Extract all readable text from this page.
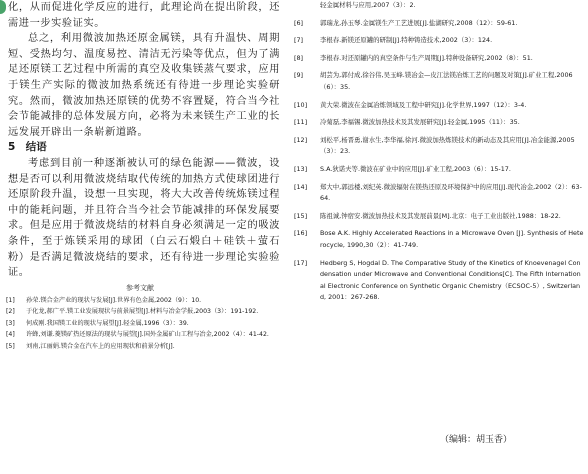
化，从而促进化学反应的进行，此理论尚在提出阶段，还需进一步实验证实。

总之，利用微波加热还原金属镁，具有升温快、周期短、受热均匀、温度易控、清洁无污染等优点，但为了满足还原镁工艺过程中所需的真空及收集镁蒸气要求，应用于镁生产实际的微波加热系统还有待进一步理论实验研究。然而，微波加热还原镁的优势不容置疑，符合当今社会节能减排的总体发展方向，必将为未来镁生产工业的长远发展开辟出一条崭新道路。

5　结语

考虑到目前一种逐渐被认可的绿色能源——微波，设想是否可以利用微波烧结取代传统的加热方式使球团进行还原阶段升温，设想一旦实现，将大大改善传统炼镁过程中的能耗问题，并且符合当今社会节能减排的环保发展要求。但是应用于微波烧结的材料自身必须满足一定的吸波条件，至于炼镁采用的球团（白云石煅白＋硅铁＋萤石粉）是否满足微波烧结的要求，还有待进一步理论实验验证。

参考文献
[1]	孙荣.镁合金产业的现状与发展[J].世界有色金属,2002（9）：10.
[2]	于化龙,郝广平.镁工业发展现状与前景展望[J].材料与冶金学报,2003（3）：191-192.
[3]	何成刚.我国镁工业的现状与展望[J].轻金属,1996（3）：39.
[4]	许蜂,刘谦.菱镁矿热还原法的现状与展望[J].国外金属矿山工程与冶金,2002（4）：41-42.
[5]	刘南,江丽娟.镁合金在汽车上的应用现状和前景分析[J].
轻金属材料与应用,2007（3）：2.
[6]	郭瑞龙,孙玉琴.金属镁生产工艺进展[J].盐湖研究,2008（12）：59-61.
[7]	李根春.新镁还原罐的研制[J].特种铸造技术,2002（3）：124.
[8]	李根春.对还原罐内的真空条件与生产周期[J].特种设备研究,2002（8）：51.
[9]	胡芸为,郭付成,徐谷伟,吴玉峰.镁冶金—皮江法镁冶炼工艺的问题及对策[J].矿业工程,2006（6）：35.
[10]	黄大荣.微波在金属冶炼领域及工程中研究[J].化学世界,1997（12）：3-4.
[11]	冷菊磊,李福锡.微波加热技术及其发展研究[J].轻金属,1995（11）：35.
[12]	刘松平,杨晋勇,谢水生,李华福,徐河.微波加热炼镁技术的新动态及其应用[J].冶金能源,2005（3）：23.
[13]	S.A.狄诺夫等.微波在矿业中的应用[J].矿业工程,2003（6）：15-17.
[14]	郑大中,郭远楼,刘纪英.微波辐射在镁热还原及环境保护中的应用[J].现代冶金,2002（2）：63-64.
[15]	陈祖诚,钟宿安.微波加热技术及其发展前景[M].北京：电子工业出版社,1988：18-22.
[16]	Bose A.K. Highly Accelerated Reactions in a Microwave Oven [J]. Synthesis of Heterocycle, 1990,30（2）：41-749.
[17]	Hedberg S, Hogdal D. The Comparative Study of the Kinetics of Knoevenagel Condensation under Microwave and Conventional Conditions[C]. The Fifth International Electronic Conference on Synthetic Organic Chemistry（ECSOC-5）, Switzerland, 2001：267-268.
（编辑：胡玉香）
